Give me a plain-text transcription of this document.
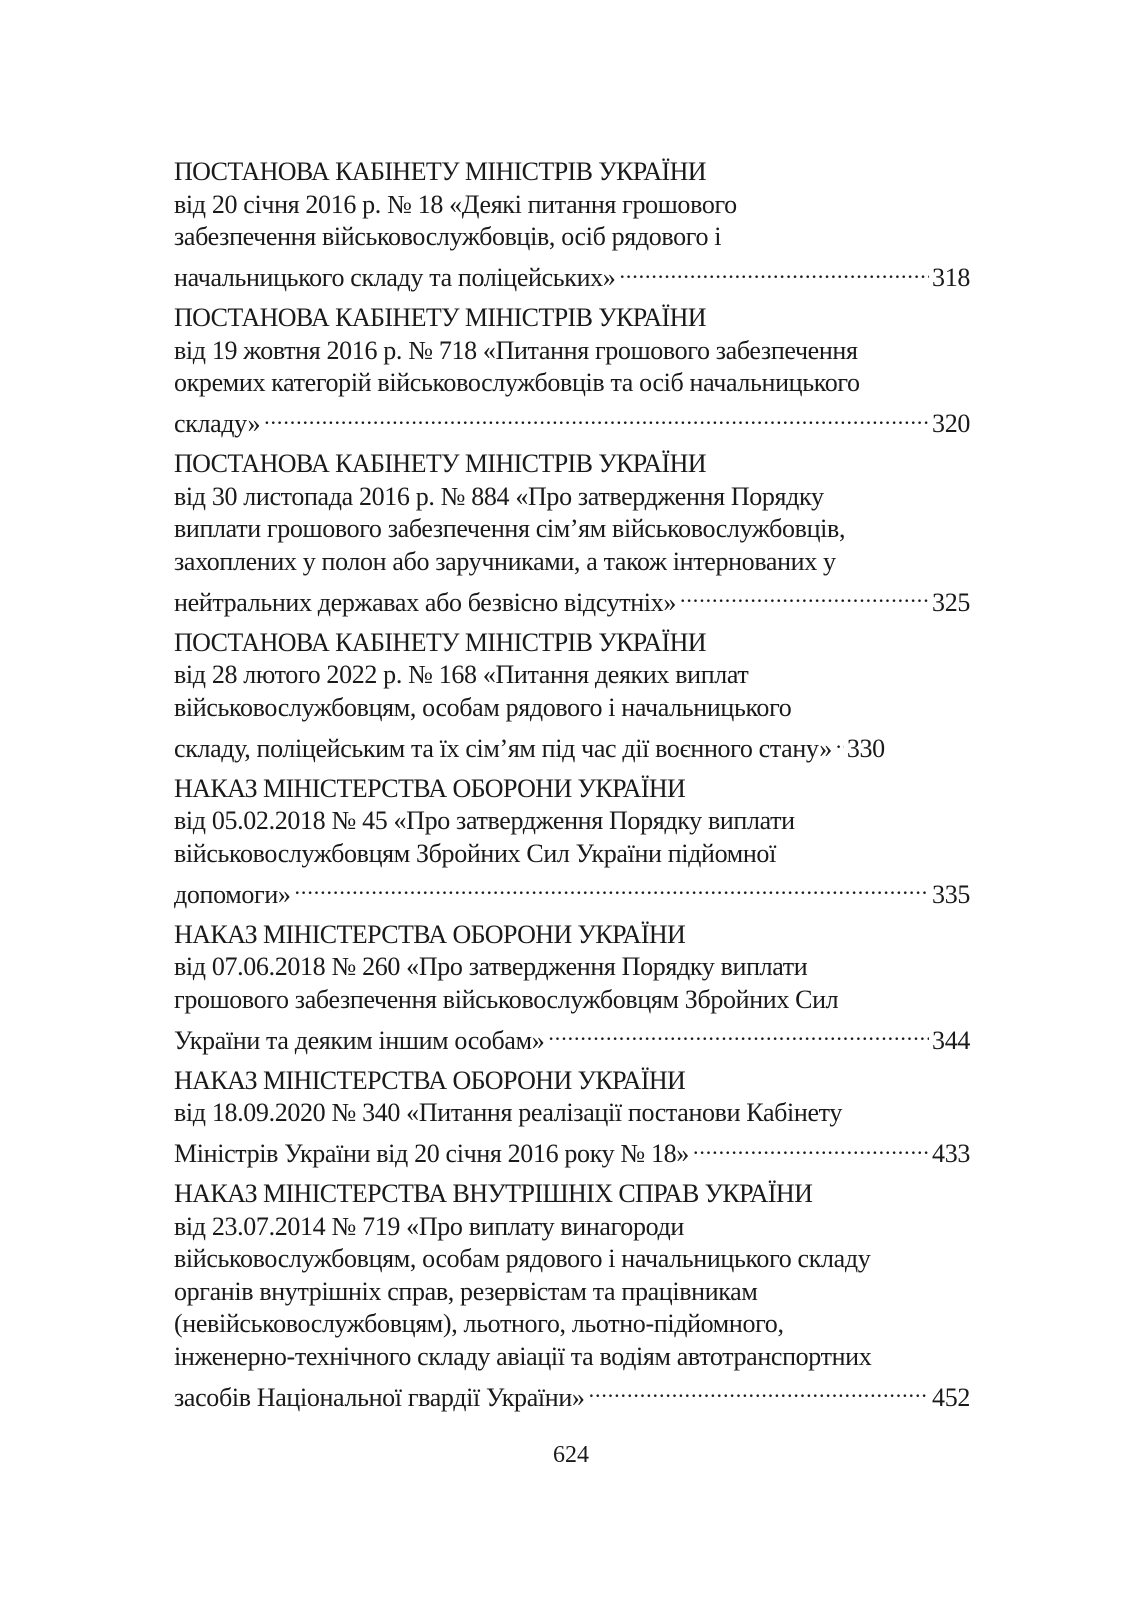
ПОСТАНОВА КАБІНЕТУ МІНІСТРІВ УКРАЇНИ
від 20 січня 2016 р. № 18 «Деякі питання грошового
забезпечення військовослужбовців, осіб рядового і
начальницького складу та поліцейських» .....	318
ПОСТАНОВА КАБІНЕТУ МІНІСТРІВ УКРАЇНИ
від 19 жовтня 2016 р. № 718 «Питання грошового забезпечення
окремих категорій військовослужбовців та осіб начальницького
складу» .....	320
ПОСТАНОВА КАБІНЕТУ МІНІСТРІВ УКРАЇНИ
від 30 листопада 2016 р. № 884 «Про затвердження Порядку
виплати грошового забезпечення сім’ям військовослужбовців,
захоплених у полон або заручниками, а також інтернованих у
нейтральних державах або безвісно відсутніх» .....	325
ПОСТАНОВА КАБІНЕТУ МІНІСТРІВ УКРАЇНИ
від 28 лютого 2022 р. № 168 «Питання деяких виплат
військовослужбовцям, особам рядового і начальницького
складу, поліцейським та їх сім’ям під час дії воєнного стану» ..... 330
НАКАЗ МІНІСТЕРСТВА ОБОРОНИ УКРАЇНИ
від 05.02.2018 № 45 «Про затвердження Порядку виплати
військовослужбовцям Збройних Сил України підйомної
допомоги» .....	335
НАКАЗ МІНІСТЕРСТВА ОБОРОНИ УКРАЇНИ
від 07.06.2018 № 260 «Про затвердження Порядку виплати
грошового забезпечення військовослужбовцям Збройних Сил
України та деяким іншим особам» .....	344
НАКАЗ МІНІСТЕРСТВА ОБОРОНИ УКРАЇНИ
від 18.09.2020 № 340 «Питання реалізації постанови Кабінету
Міністрів України від 20 січня 2016 року № 18» .....	433
НАКАЗ МІНІСТЕРСТВА ВНУТРІШНІХ СПРАВ УКРАЇНИ
від 23.07.2014 № 719 «Про виплату винагороди
військовослужбовцям, особам рядового і начальницького складу
органів внутрішніх справ, резервістам та працівникам
(невійськовослужбовцям), льотного, льотно-підйомного,
інженерно-технічного складу авіації та водіям автотранспортних
засобів Національної гвардії України» .....	452
624
